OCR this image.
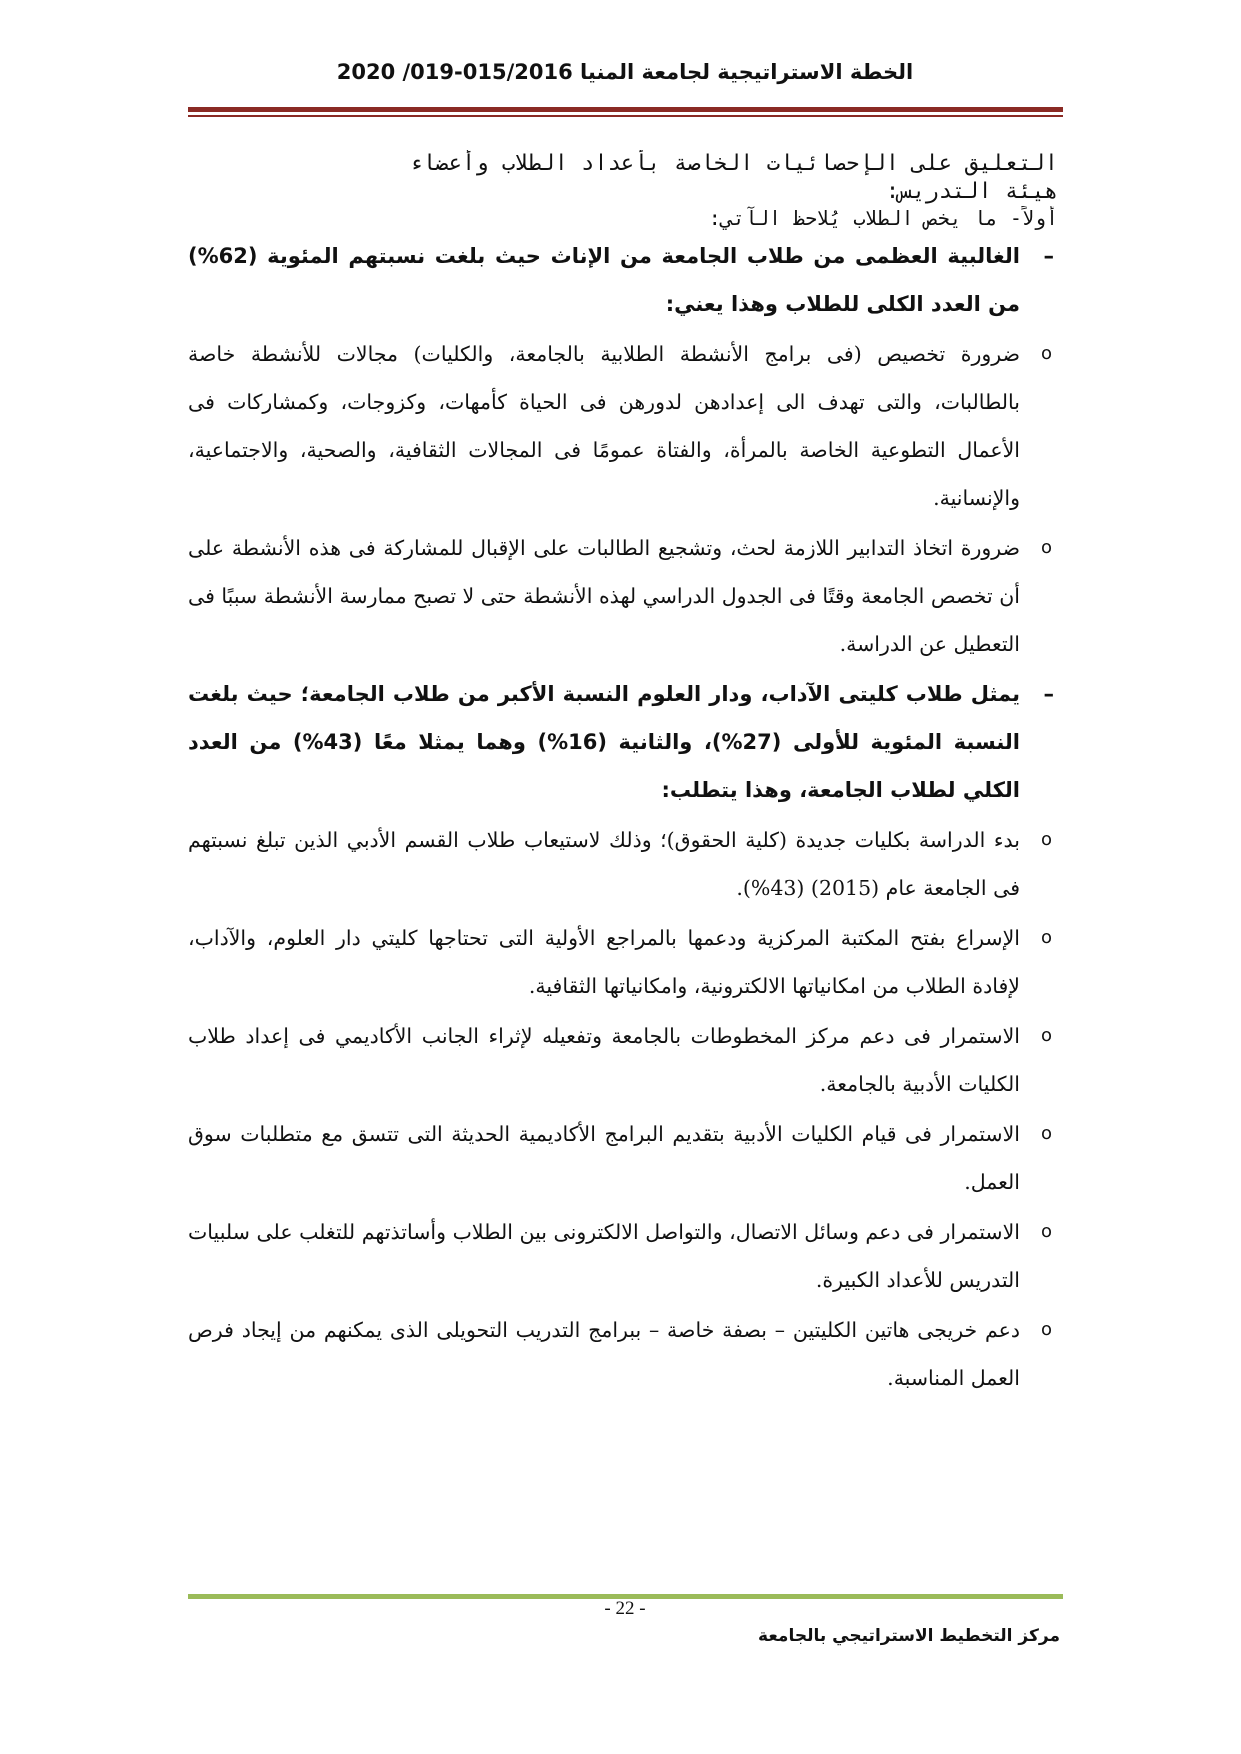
الخطة الاستراتيجية لجامعة المنيا 015/2016-019/ 2020
التعليق على الإحصائيات الخاصة بأعداد الطلاب وأعضاء
هيئة التدريس:
أولاً- ما يخص الطلاب يُلاحظ الآتي:
–
الغالبية العظمى من طلاب الجامعة من الإناث حيث بلغت نسبتهم المئوية (62%) من العدد الكلى للطلاب وهذا يعني:
o
ضرورة تخصيص (فى برامج الأنشطة الطلابية بالجامعة، والكليات) مجالات للأنشطة خاصة بالطالبات، والتى تهدف الى إعدادهن لدورهن فى الحياة كأمهات، وكزوجات، وكمشاركات فى الأعمال التطوعية الخاصة بالمرأة، والفتاة عمومًا فى المجالات الثقافية، والصحية، والاجتماعية، والإنسانية.
o
ضرورة اتخاذ التدابير اللازمة لحث، وتشجيع الطالبات على الإقبال للمشاركة فى هذه الأنشطة على أن تخصص الجامعة وقتًا فى الجدول الدراسي لهذه الأنشطة حتى لا تصبح ممارسة الأنشطة سببًا فى التعطيل عن الدراسة.
–
يمثل طلاب كليتى الآداب، ودار العلوم النسبة الأكبر من طلاب الجامعة؛ حيث بلغت النسبة المئوية للأولى (27%)، والثانية (16%) وهما يمثلا معًا (43%) من العدد الكلي لطلاب الجامعة، وهذا يتطلب:
o
بدء الدراسة بكليات جديدة (كلية الحقوق)؛ وذلك لاستيعاب طلاب القسم الأدبي الذين تبلغ نسبتهم فى الجامعة عام (2015) (43%).
o
الإسراع بفتح المكتبة المركزية ودعمها بالمراجع الأولية التى تحتاجها كليتي دار العلوم، والآداب، لإفادة الطلاب من امكانياتها الالكترونية، وامكانياتها الثقافية.
o
الاستمرار فى دعم مركز المخطوطات بالجامعة وتفعيله لإثراء الجانب الأكاديمي فى إعداد طلاب الكليات الأدبية بالجامعة.
o
الاستمرار فى قيام الكليات الأدبية بتقديم البرامج الأكاديمية الحديثة التى تتسق مع متطلبات سوق العمل.
o
الاستمرار فى دعم وسائل الاتصال، والتواصل الالكترونى بين الطلاب وأساتذتهم للتغلب على سلبيات التدريس للأعداد الكبيرة.
o
دعم خريجى هاتين الكليتين – بصفة خاصة – ببرامج التدريب التحويلى الذى يمكنهم من إيجاد فرص العمل المناسبة.
- 22 -
مركز التخطيط الاستراتيجي بالجامعة
